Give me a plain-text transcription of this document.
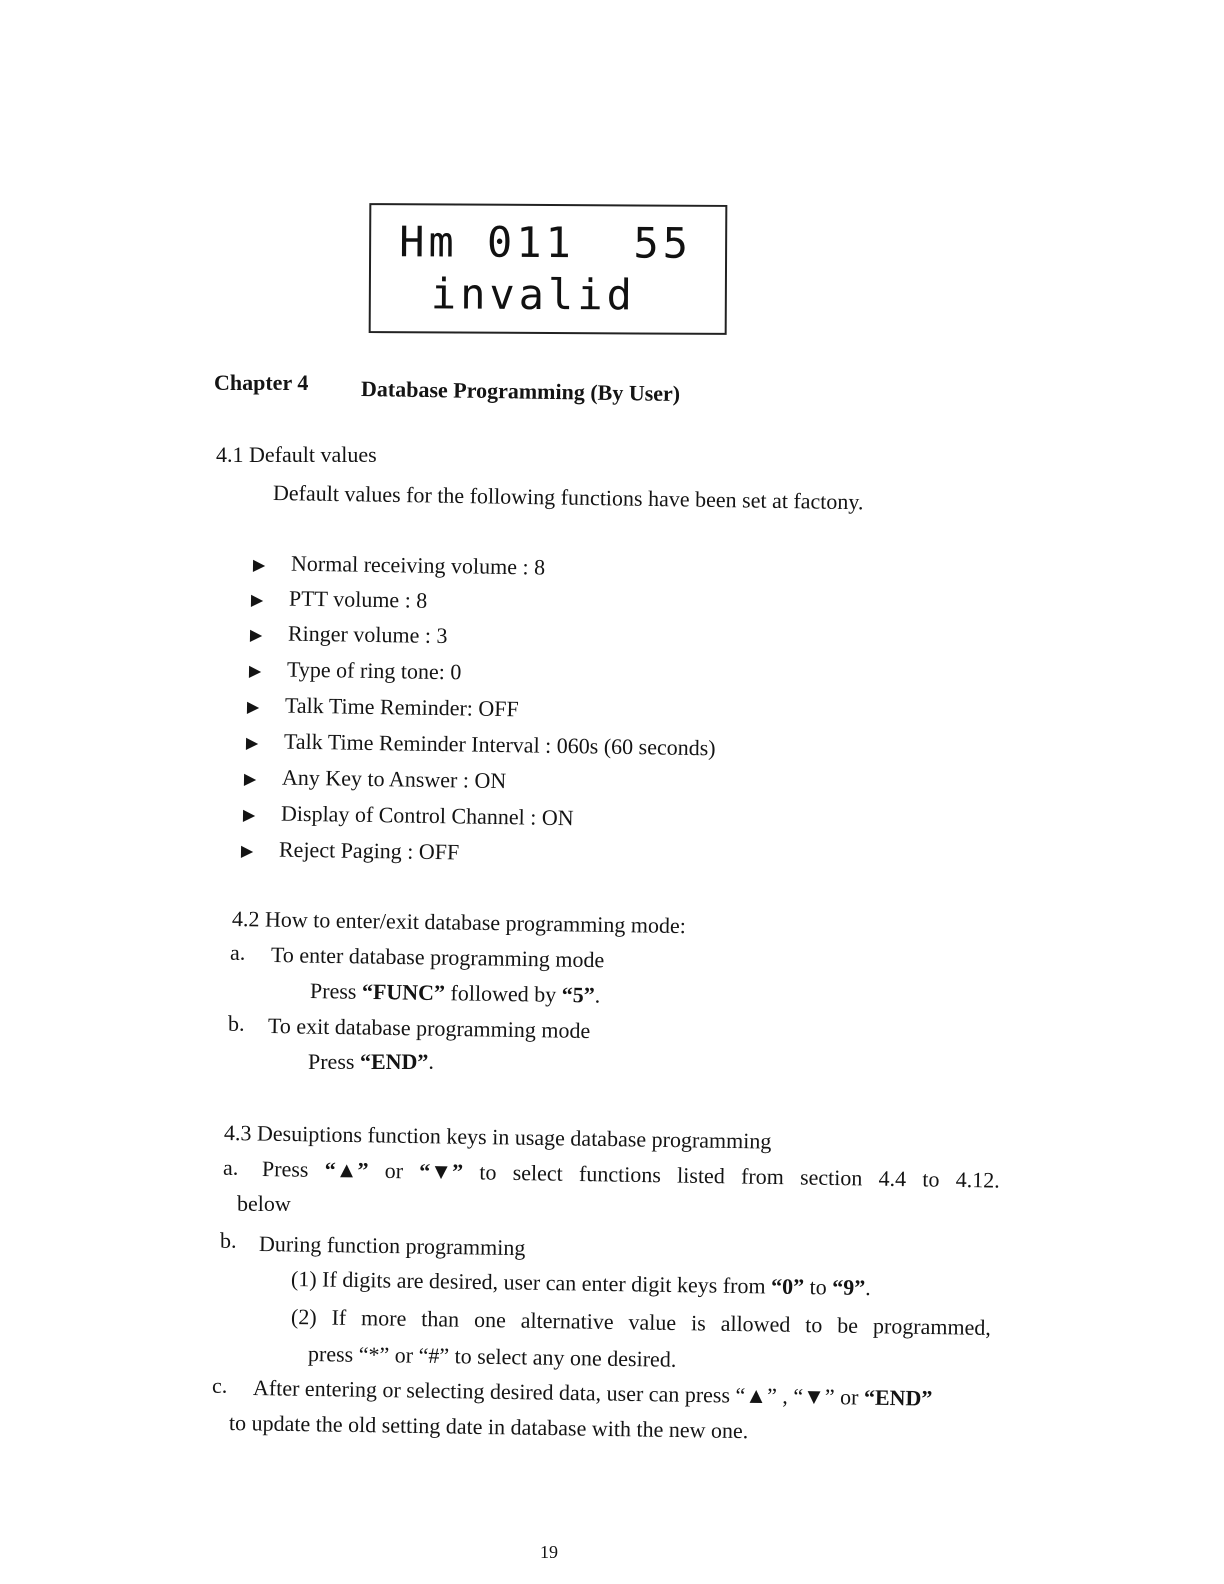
Hm 011  55
invalid
Chapter 4 Database Programming (By User)
4.1 Default values
Default values for the following functions have been set at factony.
▶ Normal receiving volume : 8
▶ PTT volume : 8
▶ Ringer volume : 3
▶ Type of ring tone: 0
▶ Talk Time Reminder: OFF
▶ Talk Time Reminder Interval : 060s (60 seconds)
▶ Any Key to Answer : ON
▶ Display of Control Channel : ON
▶ Reject Paging : OFF
4.2 How to enter/exit database programming mode:
a. To enter database programming mode
Press “FUNC” followed by “5”.
b. To exit database programming mode
Press “END”.
4.3 Desuiptions function keys in usage database programming
a. Press “▲” or “▼” to select functions listed from section 4.4 to 4.12.
below
b. During function programming
(1) If digits are desired, user can enter digit keys from “0” to “9”.
(2) If more than one alternative value is allowed to be programmed,
press “*” or “#” to select any one desired.
c. After entering or selecting desired data, user can press “▲” , “▼” or “END”
to update the old setting date in database with the new one.
19
